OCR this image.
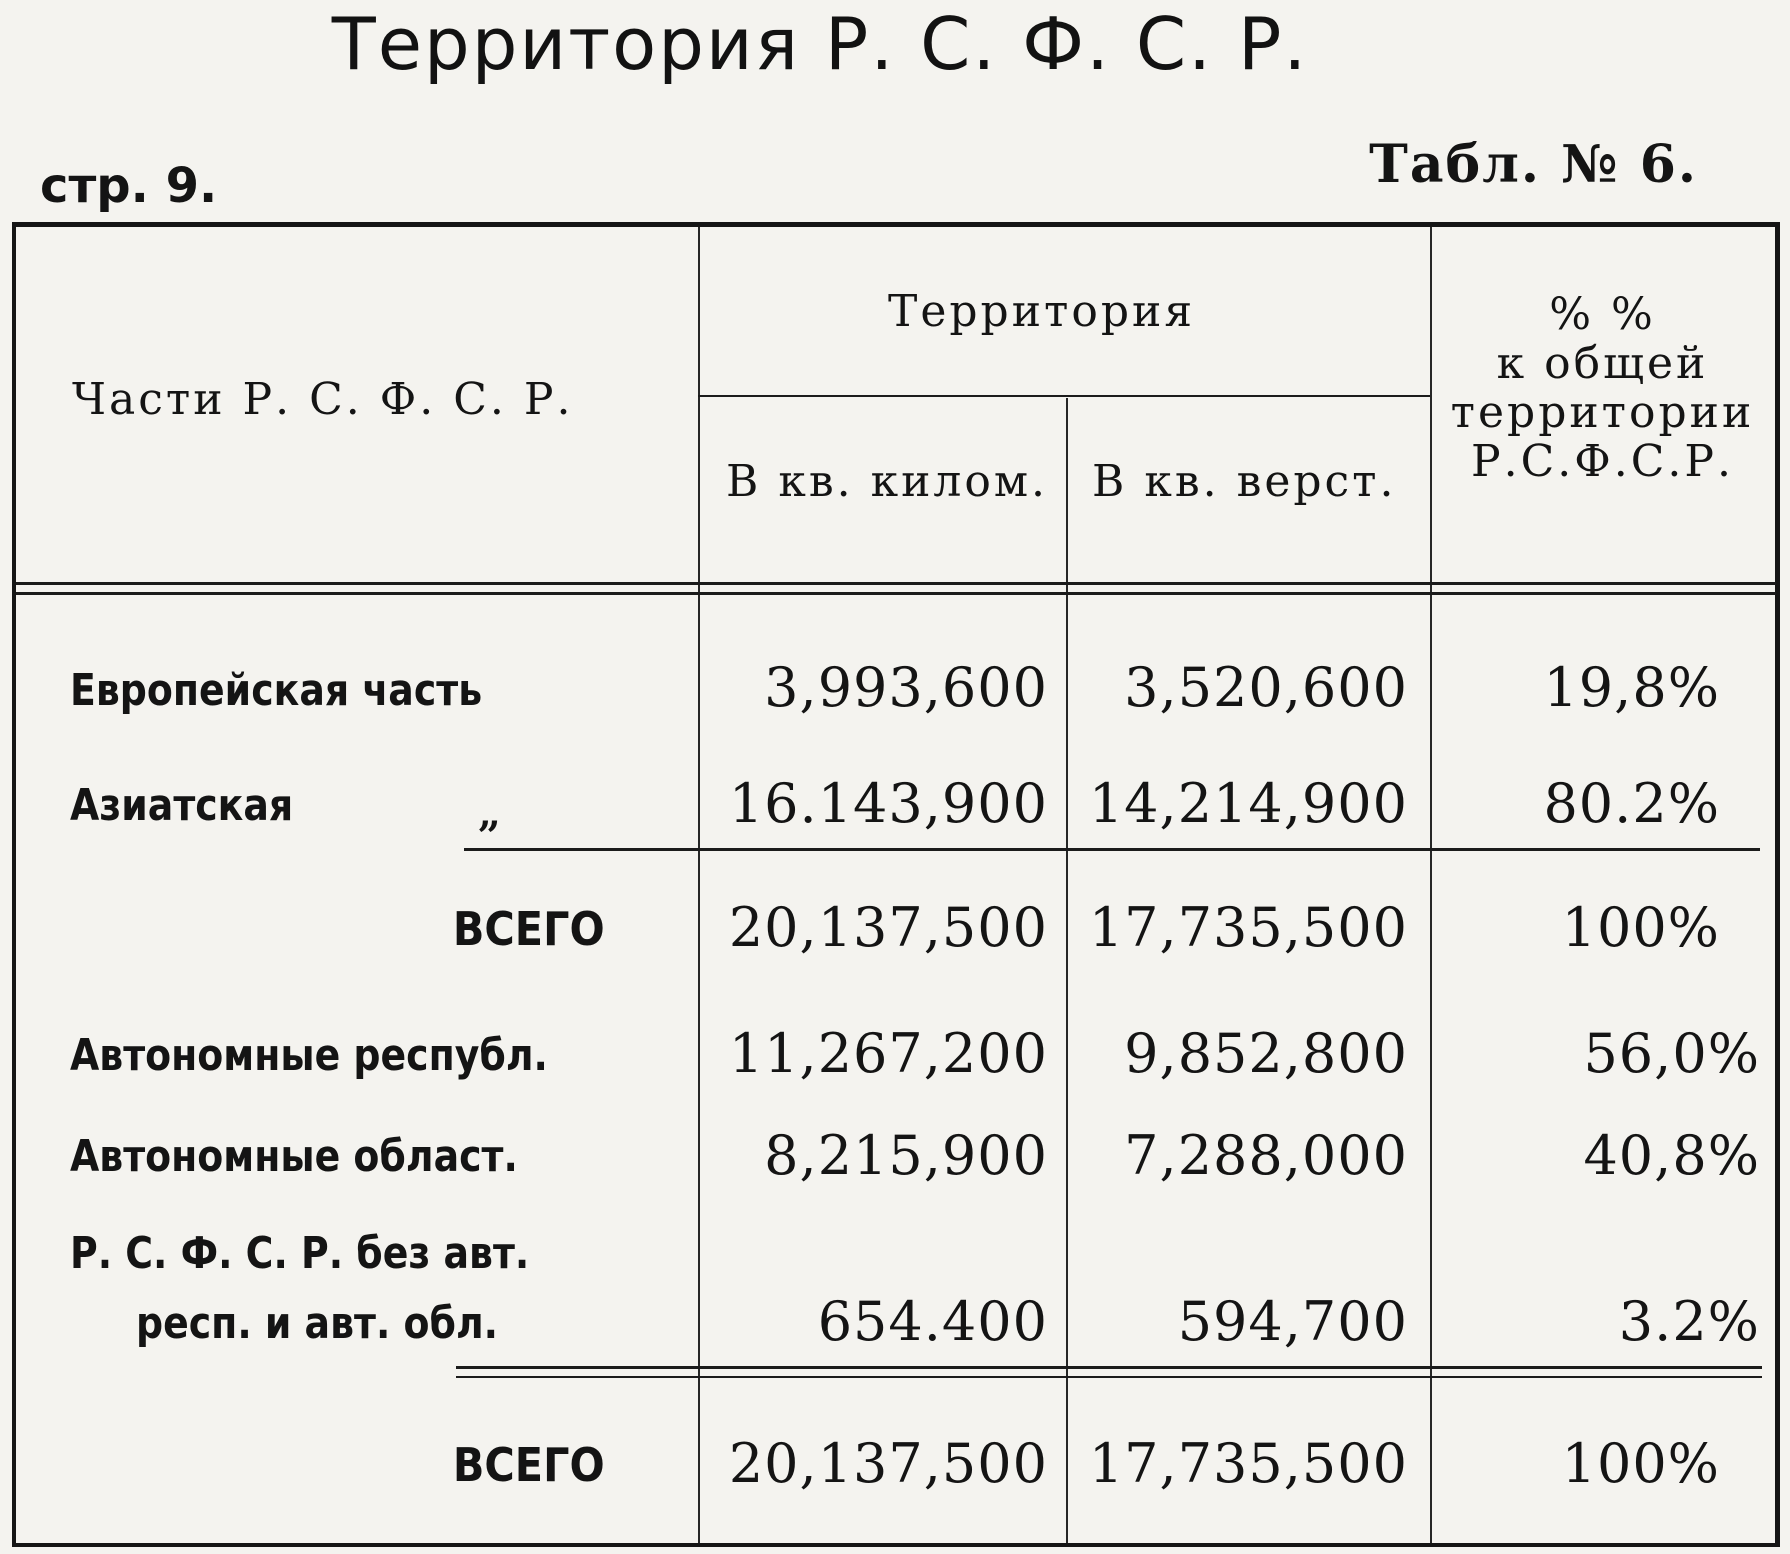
Территория Р. С. Ф. С. Р.
стр. 9.	Табл. № 6.
Части Р. С. Ф. С. Р.
Территория
В кв. килом. В кв. верст.
% %
к общей
территории
Р.С.Ф.С.Р.
Европейская часть	3,993,600 3,520,600	19,8%
Азиатская	„	16.143,900 14,214,900	80.2%
ВСЕГО 20,137,500 17,735,500	100%
Автономные республ.	11,267,200 9,852,800	56,0%
Автономные област.	8,215,900 7,288,000	40,8%
Р. С. Ф. С. Р. без авт.
респ. и авт. обл.	654.400 594,700	3.2%
ВСЕГО 20,137,500 17,735,500	100%
